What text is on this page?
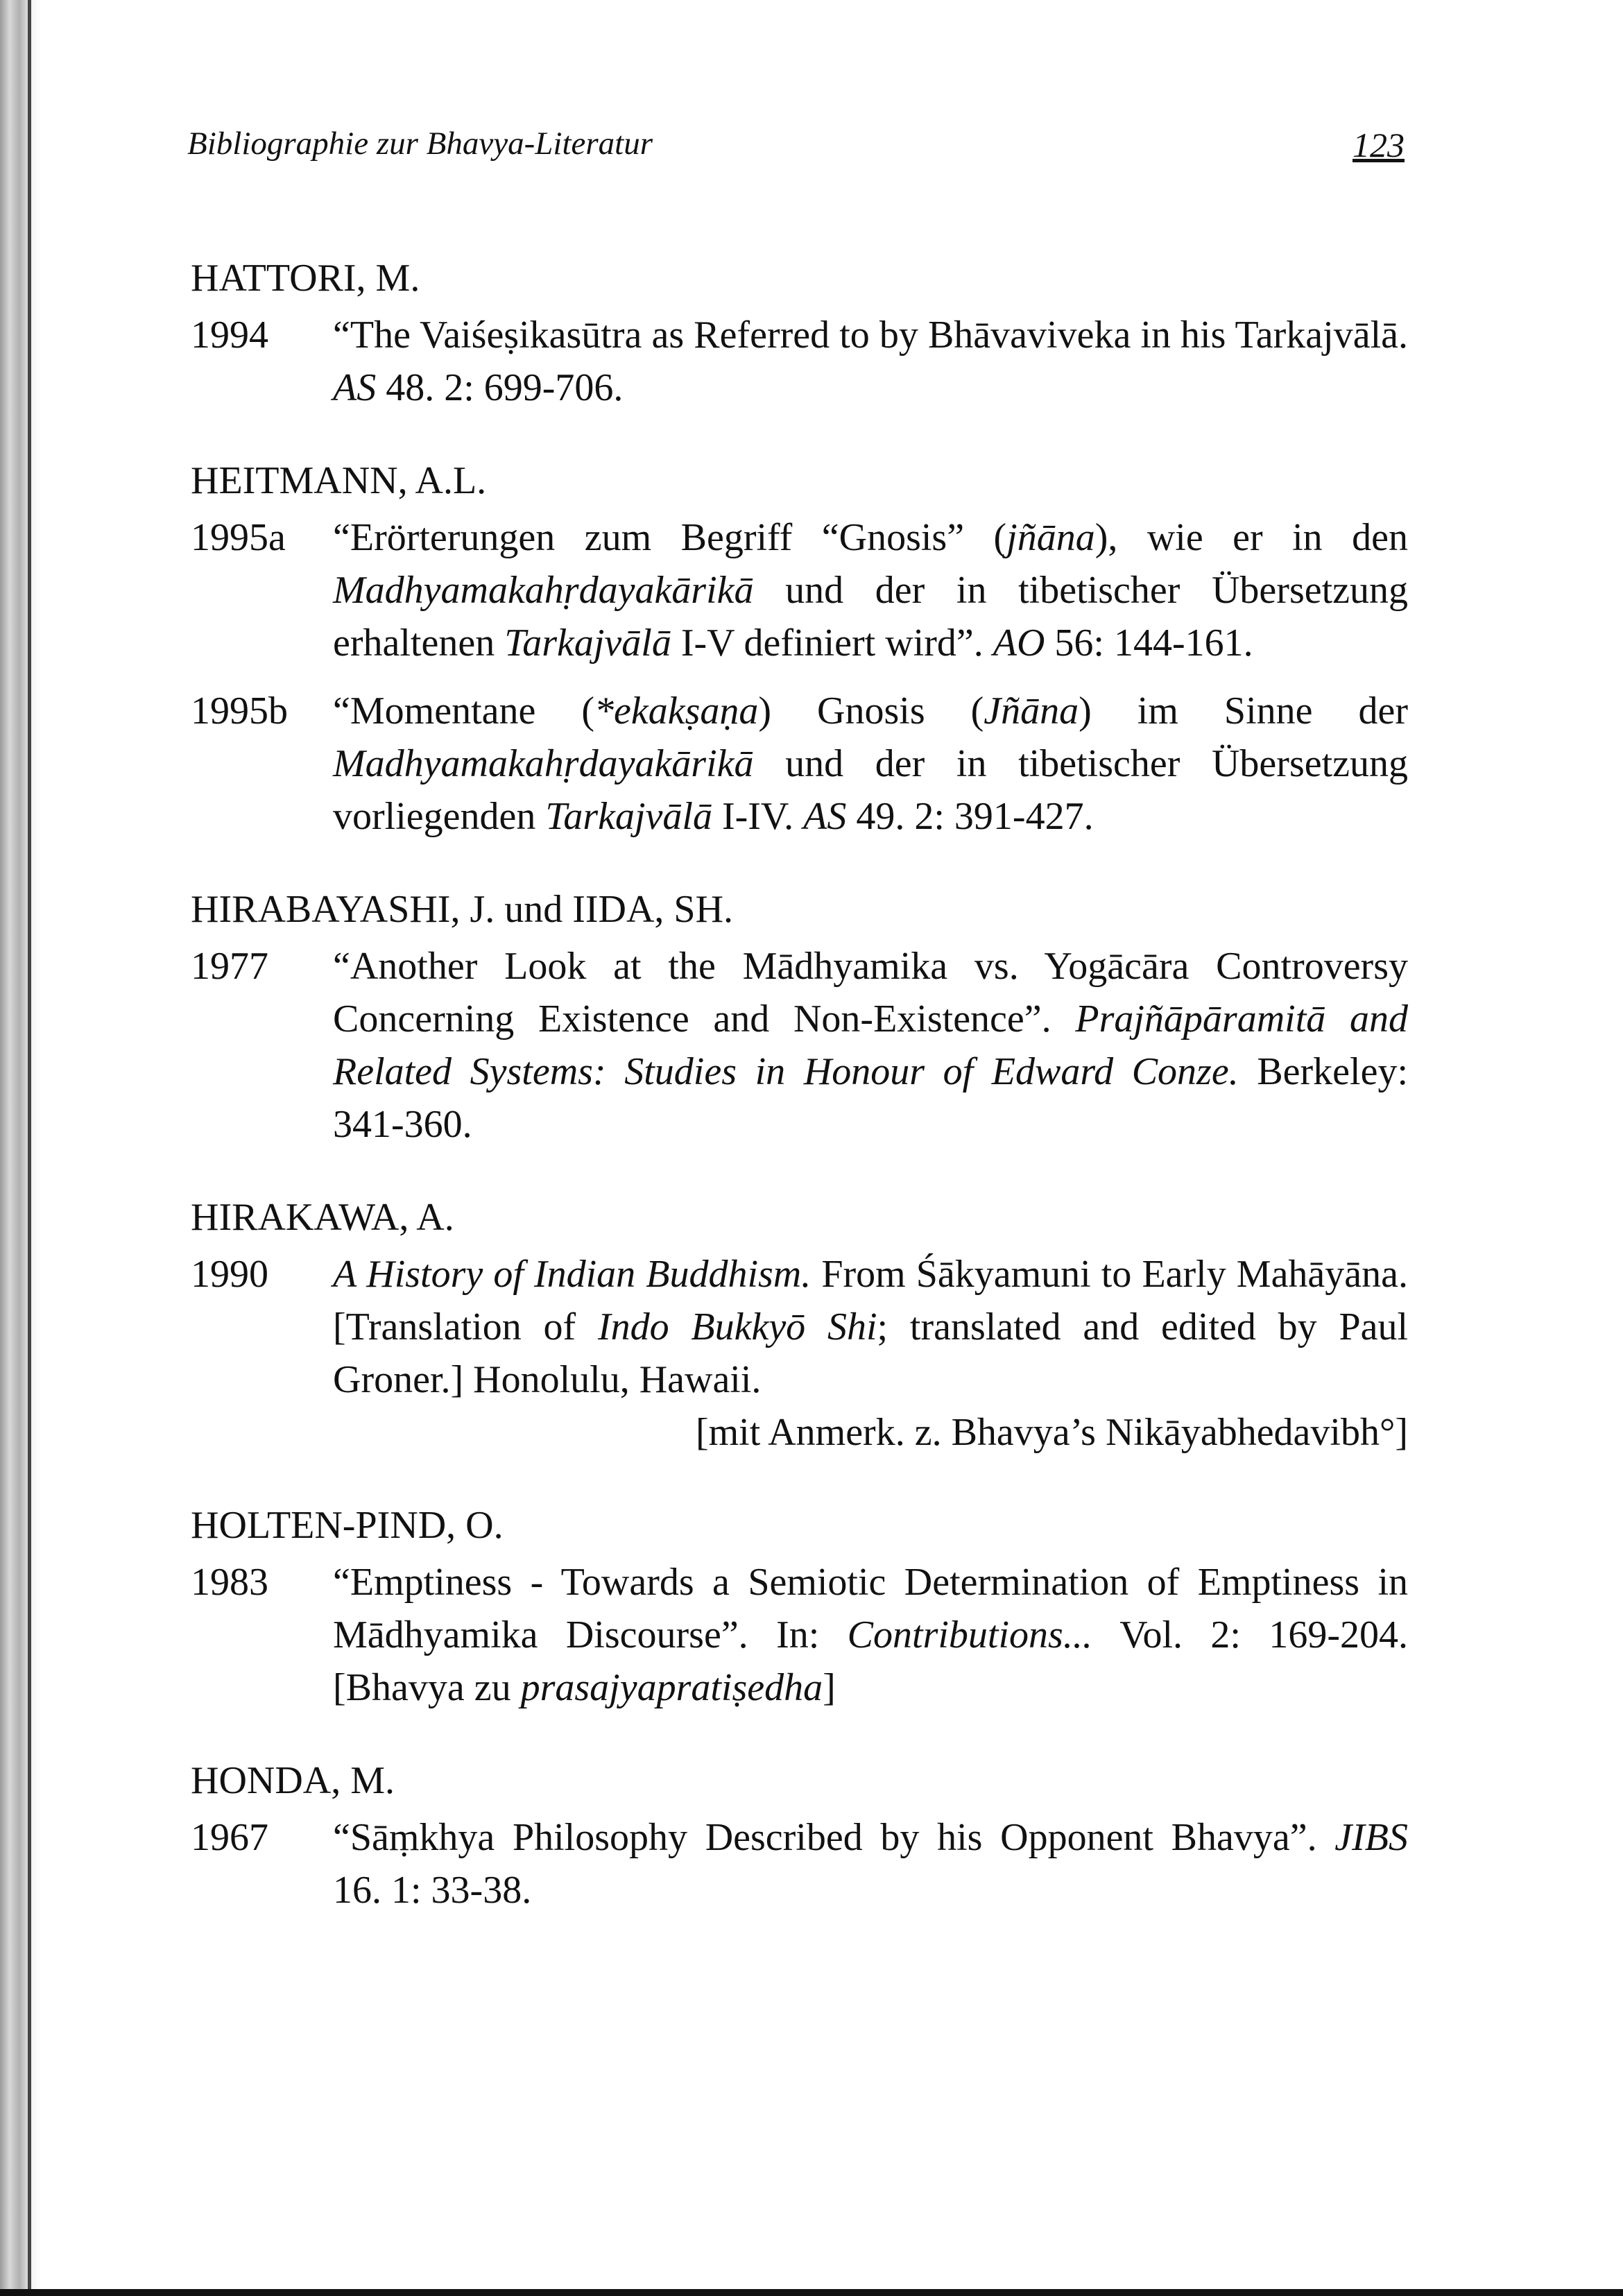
Bibliographie zur Bhavya-Literatur	123
HATTORI, M.
1994	“The Vaiśeṣikasūtra as Referred to by Bhāvaviveka in his Tarkajvālā. AS 48. 2: 699-706.
HEITMANN, A.L.
1995a	“Erörterungen zum Begriff “Gnosis” (jñāna), wie er in den Madhyamakahṛdayakārikā und der in tibetischer Übersetzung erhaltenen Tarkajvālā I-V definiert wird”. AO 56: 144-161.
1995b	“Momentane (*ekakṣaṇa) Gnosis (Jñāna) im Sinne der Madhyamakahṛdayakārikā und der in tibetischer Übersetzung vorliegenden Tarkajvālā I-IV. AS 49. 2: 391-427.
HIRABAYASHI, J. und IIDA, SH.
1977	“Another Look at the Mādhyamika vs. Yogācāra Controversy Concerning Existence and Non-Existence”. Prajñāpāramitā and Related Systems: Studies in Honour of Edward Conze. Berkeley: 341-360.
HIRAKAWA, A.
1990	A History of Indian Buddhism. From Śākyamuni to Early Mahāyāna. [Translation of Indo Bukkyō Shi; translated and edited by Paul Groner.] Honolulu, Hawaii.
[mit Anmerk. z. Bhavya’s Nikāyabhedavibh°]
HOLTEN-PIND, O.
1983	“Emptiness - Towards a Semiotic Determination of Emptiness in Mādhyamika Discourse”. In: Contributions... Vol. 2: 169-204. [Bhavya zu prasajyapratiṣedha]
HONDA, M.
1967	“Sāṃkhya Philosophy Described by his Opponent Bhavya”. JIBS 16. 1: 33-38.
